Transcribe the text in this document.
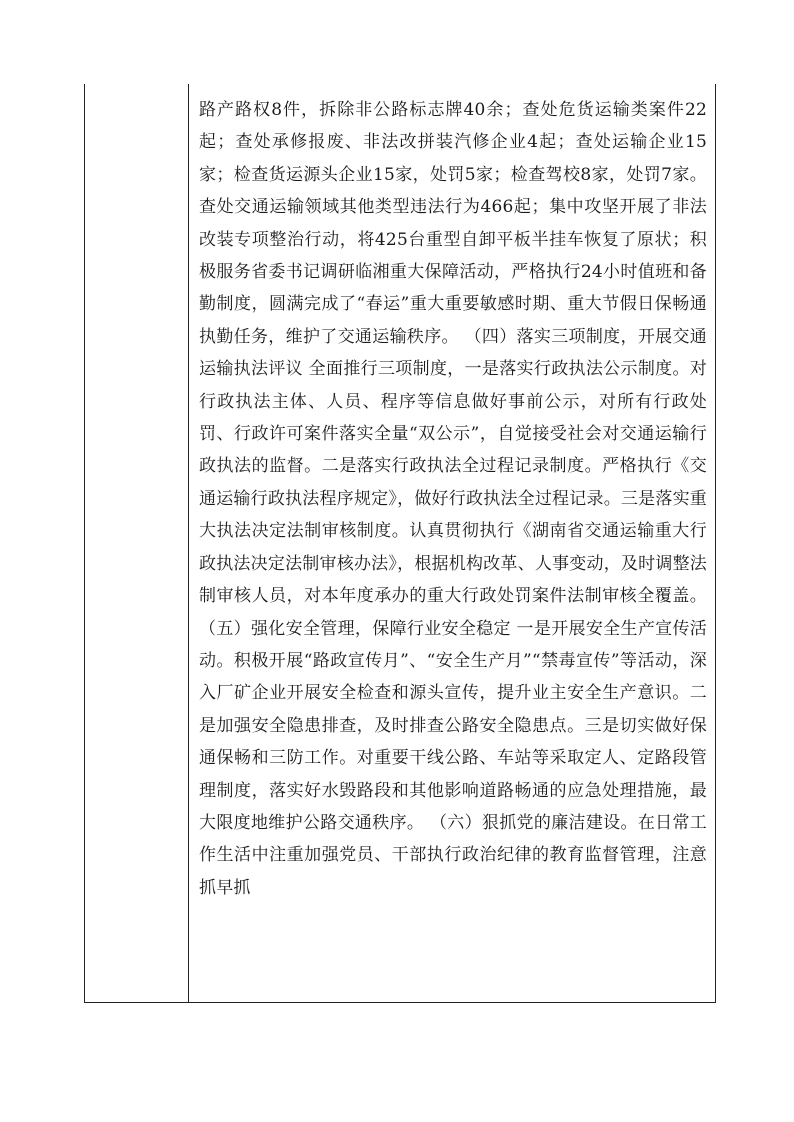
路产路权8件，拆除非公路标志牌40余；查处危货运输类案件22起；查处承修报废、非法改拼装汽修企业4起；查处运输企业15家；检查货运源头企业15家，处罚5家；检查驾校8家，处罚7家。查处交通运输领域其他类型违法行为466起；集中攻坚开展了非法改装专项整治行动，将425台重型自卸平板半挂车恢复了原状；积极服务省委书记调研临湘重大保障活动，严格执行24小时值班和备勤制度，圆满完成了“春运”重大重要敏感时期、重大节假日保畅通执勤任务，维护了交通运输秩序。 （四）落实三项制度，开展交通运输执法评议 全面推行三项制度，一是落实行政执法公示制度。对行政执法主体、人员、程序等信息做好事前公示，对所有行政处罚、行政许可案件落实全量“双公示”，自觉接受社会对交通运输行政执法的监督。二是落实行政执法全过程记录制度。严格执行《交通运输行政执法程序规定》，做好行政执法全过程记录。三是落实重大执法决定法制审核制度。认真贯彻执行《湖南省交通运输重大行政执法决定法制审核办法》，根据机构改革、人事变动，及时调整法制审核人员，对本年度承办的重大行政处罚案件法制审核全覆盖。 （五）强化安全管理，保障行业安全稳定 一是开展安全生产宣传活动。积极开展“路政宣传月”、“安全生产月”“禁毒宣传”等活动，深入厂矿企业开展安全检查和源头宣传，提升业主安全生产意识。二是加强安全隐患排查，及时排查公路安全隐患点。三是切实做好保通保畅和三防工作。对重要干线公路、车站等采取定人、定路段管理制度，落实好水毁路段和其他影响道路畅通的应急处理措施，最大限度地维护公路交通秩序。 （六）狠抓党的廉洁建设。在日常工作生活中注重加强党员、干部执行政治纪律的教育监督管理，注意抓早抓
